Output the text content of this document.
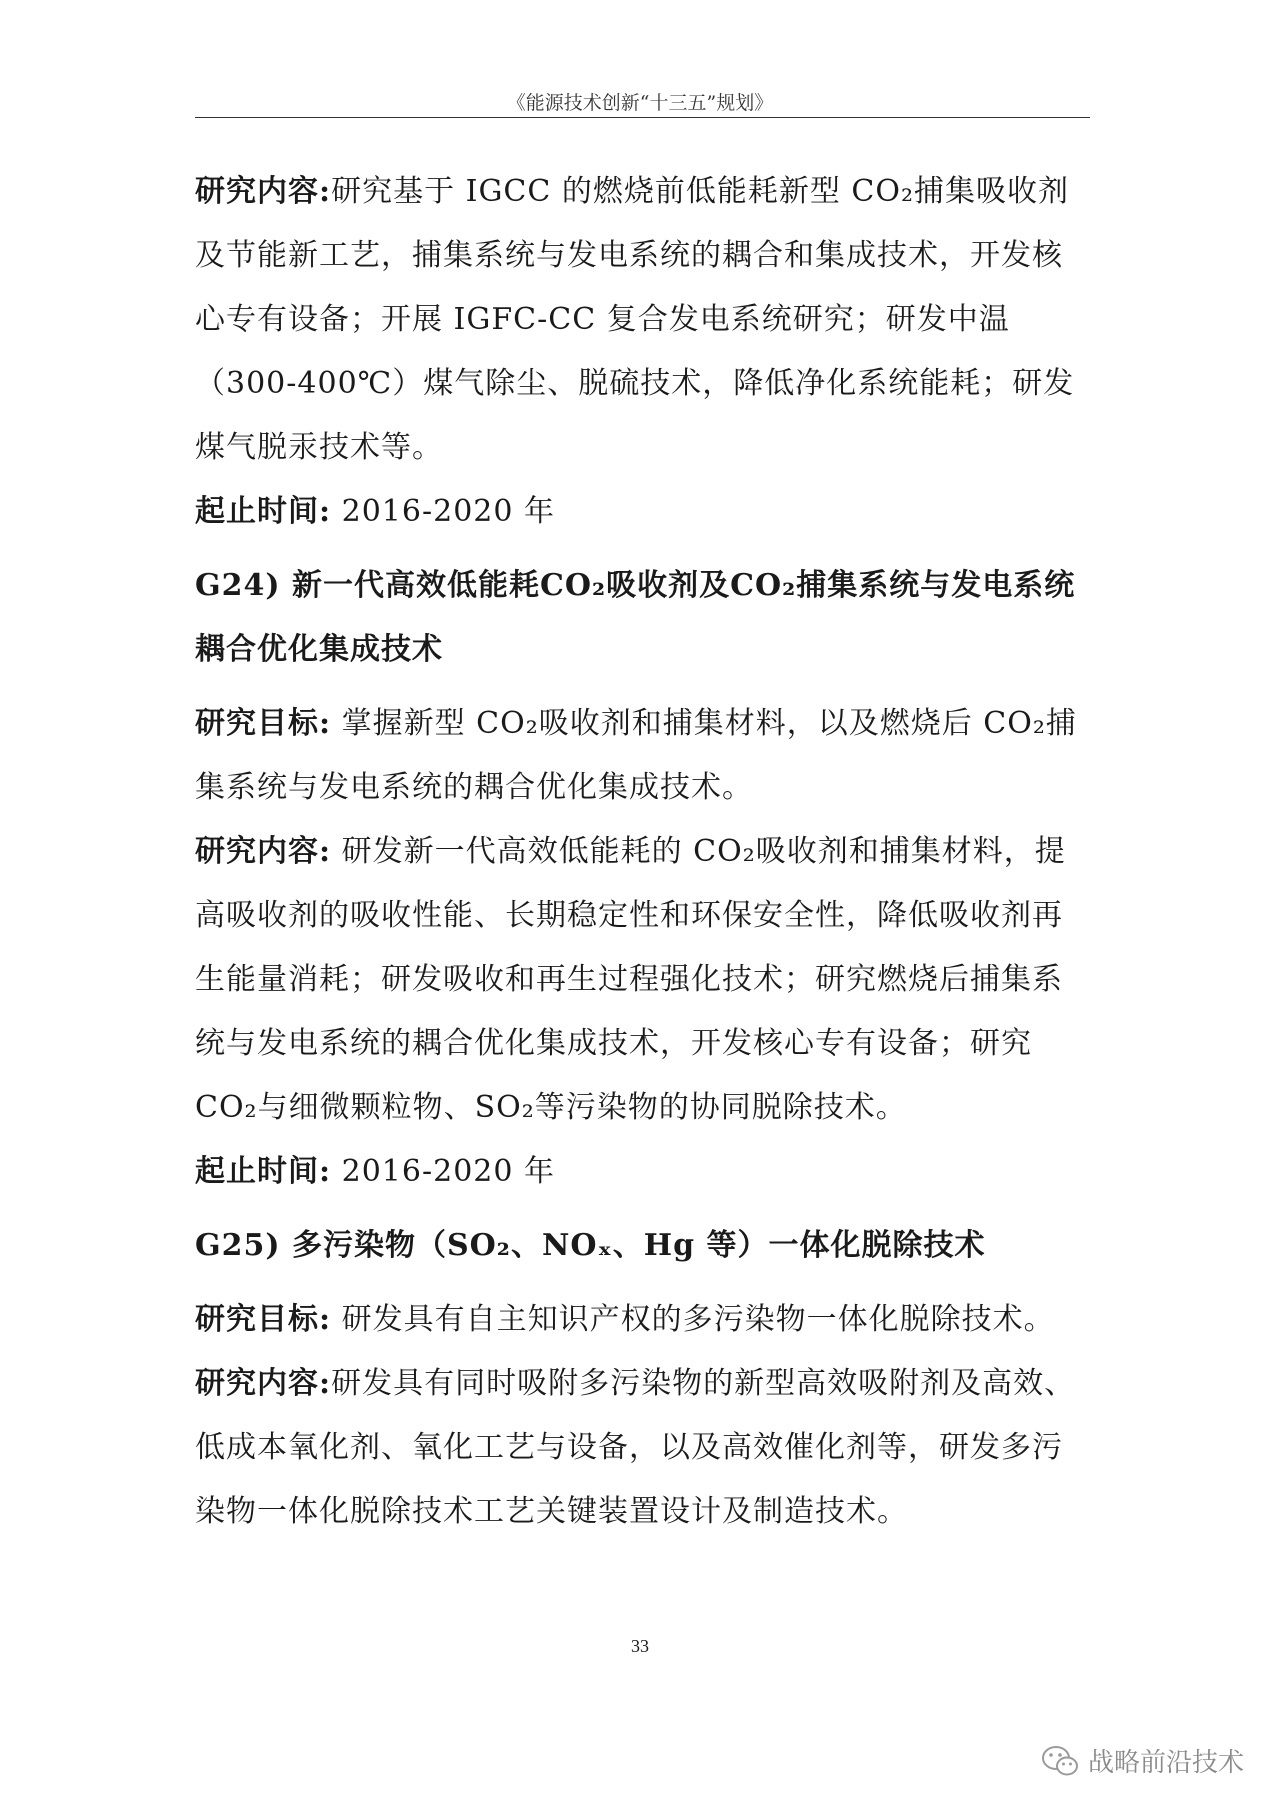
《能源技术创新“十三五”规划》

研究内容:研究基于 IGCC 的燃烧前低能耗新型 CO₂捕集吸收剂及节能新工艺，捕集系统与发电系统的耦合和集成技术，开发核心专有设备；开展 IGFC-CC 复合发电系统研究；研发中温（300-400℃）煤气除尘、脱硫技术，降低净化系统能耗；研发煤气脱汞技术等。

起止时间: 2016-2020 年

G24) 新一代高效低能耗CO₂吸收剂及CO₂捕集系统与发电系统耦合优化集成技术

研究目标: 掌握新型 CO₂吸收剂和捕集材料，以及燃烧后 CO₂捕集系统与发电系统的耦合优化集成技术。

研究内容: 研发新一代高效低能耗的 CO₂吸收剂和捕集材料，提高吸收剂的吸收性能、长期稳定性和环保安全性，降低吸收剂再生能量消耗；研发吸收和再生过程强化技术；研究燃烧后捕集系统与发电系统的耦合优化集成技术，开发核心专有设备；研究 CO₂与细微颗粒物、SO₂等污染物的协同脱除技术。

起止时间: 2016-2020 年

G25) 多污染物（SO₂、NOₓ、Hg 等）一体化脱除技术

研究目标: 研发具有自主知识产权的多污染物一体化脱除技术。

研究内容:研发具有同时吸附多污染物的新型高效吸附剂及高效、低成本氧化剂、氧化工艺与设备，以及高效催化剂等，研发多污染物一体化脱除技术工艺关键装置设计及制造技术。

33
战略前沿技术
